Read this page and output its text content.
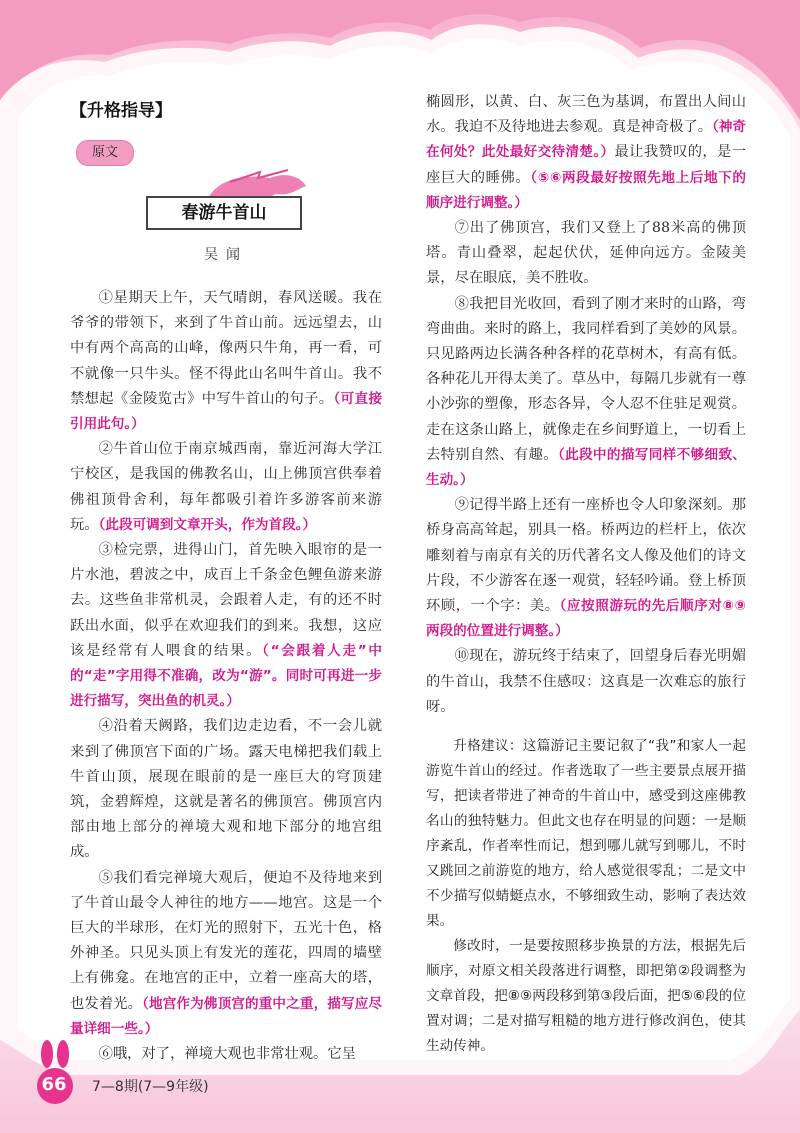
【升格指导】
原文
春游牛首山
吴闻

①星期天上午，天气晴朗，春风送暖。我在爷爷的带领下，来到了牛首山前。远远望去，山中有两个高高的山峰，像两只牛角，再一看，可不就像一只牛头。怪不得此山名叫牛首山。我不禁想起《金陵览古》中写牛首山的句子。（可直接引用此句。）

②牛首山位于南京城西南，靠近河海大学江宁校区，是我国的佛教名山，山上佛顶宫供奉着佛祖顶骨舍利，每年都吸引着许多游客前来游玩。（此段可调到文章开头，作为首段。）

③检完票，进得山门，首先映入眼帘的是一片水池，碧波之中，成百上千条金色鲤鱼游来游去。这些鱼非常机灵，会跟着人走，有的还不时跃出水面，似乎在欢迎我们的到来。我想，这应该是经常有人喂食的结果。（“会跟着人走”中的“走”字用得不准确，改为“游”。同时可再进一步进行描写，突出鱼的机灵。）

④沿着天阙路，我们边走边看，不一会儿就来到了佛顶宫下面的广场。露天电梯把我们载上牛首山顶，展现在眼前的是一座巨大的穹顶建筑，金碧辉煌，这就是著名的佛顶宫。佛顶宫内部由地上部分的禅境大观和地下部分的地宫组成。

⑤我们看完禅境大观后，便迫不及待地来到了牛首山最令人神往的地方——地宫。这是一个巨大的半球形，在灯光的照射下，五光十色，格外神圣。只见头顶上有发光的莲花，四周的墙壁上有佛龛。在地宫的正中，立着一座高大的塔，也发着光。（地宫作为佛顶宫的重中之重，描写应尽量详细一些。）

⑥哦，对了，禅境大观也非常壮观。它呈

椭圆形，以黄、白、灰三色为基调，布置出人间山水。我迫不及待地进去参观。真是神奇极了。（神奇在何处？此处最好交待清楚。）最让我赞叹的，是一座巨大的睡佛。（⑤⑥两段最好按照先地上后地下的顺序进行调整。）

⑦出了佛顶宫，我们又登上了88米高的佛顶塔。青山叠翠，起起伏伏，延伸向远方。金陵美景，尽在眼底，美不胜收。

⑧我把目光收回，看到了刚才来时的山路，弯弯曲曲。来时的路上，我同样看到了美妙的风景。只见路两边长满各种各样的花草树木，有高有低。各种花儿开得太美了。草丛中，每隔几步就有一尊小沙弥的塑像，形态各异，令人忍不住驻足观赏。走在这条山路上，就像走在乡间野道上，一切看上去特别自然、有趣。（此段中的描写同样不够细致、生动。）

⑨记得半路上还有一座桥也令人印象深刻。那桥身高高耸起，别具一格。桥两边的栏杆上，依次雕刻着与南京有关的历代著名文人像及他们的诗文片段，不少游客在逐一观赏，轻轻吟诵。登上桥顶环顾，一个字：美。（应按照游玩的先后顺序对⑧⑨两段的位置进行调整。）

⑩现在，游玩终于结束了，回望身后春光明媚的牛首山，我禁不住感叹：这真是一次难忘的旅行呀。

升格建议：这篇游记主要记叙了“我”和家人一起游览牛首山的经过。作者选取了一些主要景点展开描写，把读者带进了神奇的牛首山中，感受到这座佛教名山的独特魅力。但此文也存在明显的问题：一是顺序紊乱，作者率性而记，想到哪儿就写到哪儿，不时又跳回之前游览的地方，给人感觉很零乱；二是文中不少描写似蜻蜓点水，不够细致生动，影响了表达效果。

修改时，一是要按照移步换景的方法，根据先后顺序，对原文相关段落进行调整，即把第②段调整为文章首段，把⑧⑨两段移到第③段后面，把⑤⑥段的位置对调；二是对描写粗糙的地方进行修改润色，使其生动传神。

66 7—8期(7—9年级)
